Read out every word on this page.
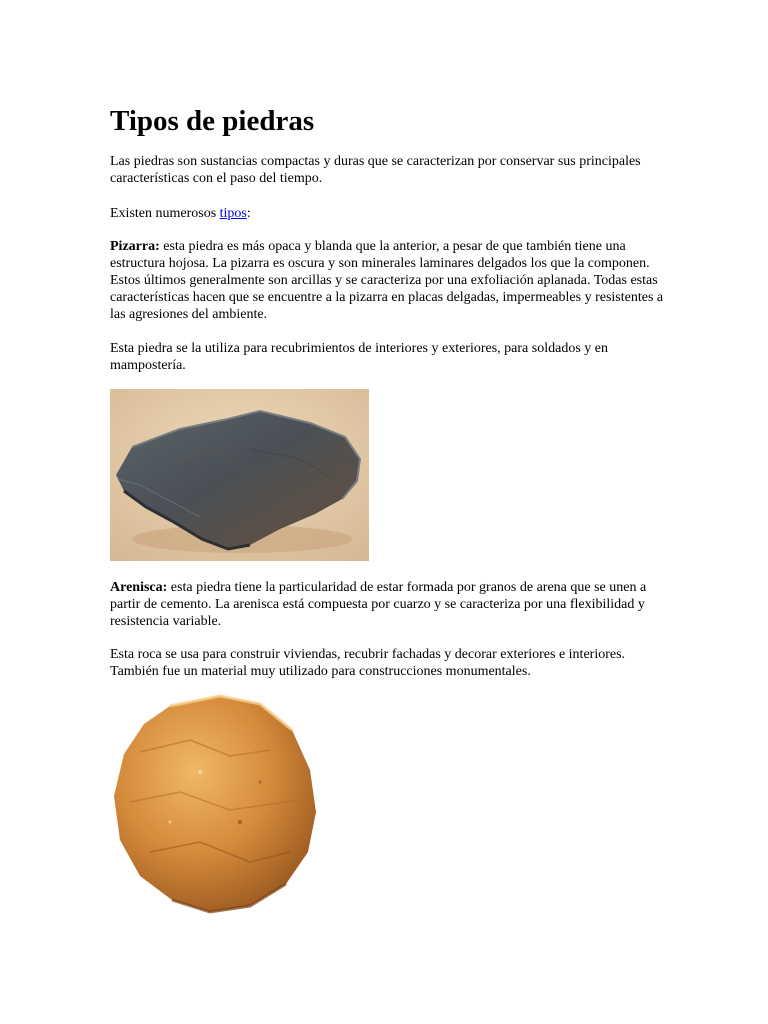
Tipos de piedras

Las piedras son sustancias compactas y duras que se caracterizan por conservar sus principales características con el paso del tiempo.

Existen numerosos tipos:

Pizarra: esta piedra es más opaca y blanda que la anterior, a pesar de que también tiene una estructura hojosa. La pizarra es oscura y son minerales laminares delgados los que la componen. Estos últimos generalmente son arcillas y se caracteriza por una exfoliación aplanada. Todas estas características hacen que se encuentre a la pizarra en placas delgadas, impermeables y resistentes a las agresiones del ambiente.

Esta piedra se la utiliza para recubrimientos de interiores y exteriores, para soldados y en mampostería.

Arenisca: esta piedra tiene la particularidad de estar formada por granos de arena que se unen a partir de cemento. La arenisca está compuesta por cuarzo y se caracteriza por una flexibilidad y resistencia variable.

Esta roca se usa para construir viviendas, recubrir fachadas y decorar exteriores e interiores. También fue un material muy utilizado para construcciones monumentales.
